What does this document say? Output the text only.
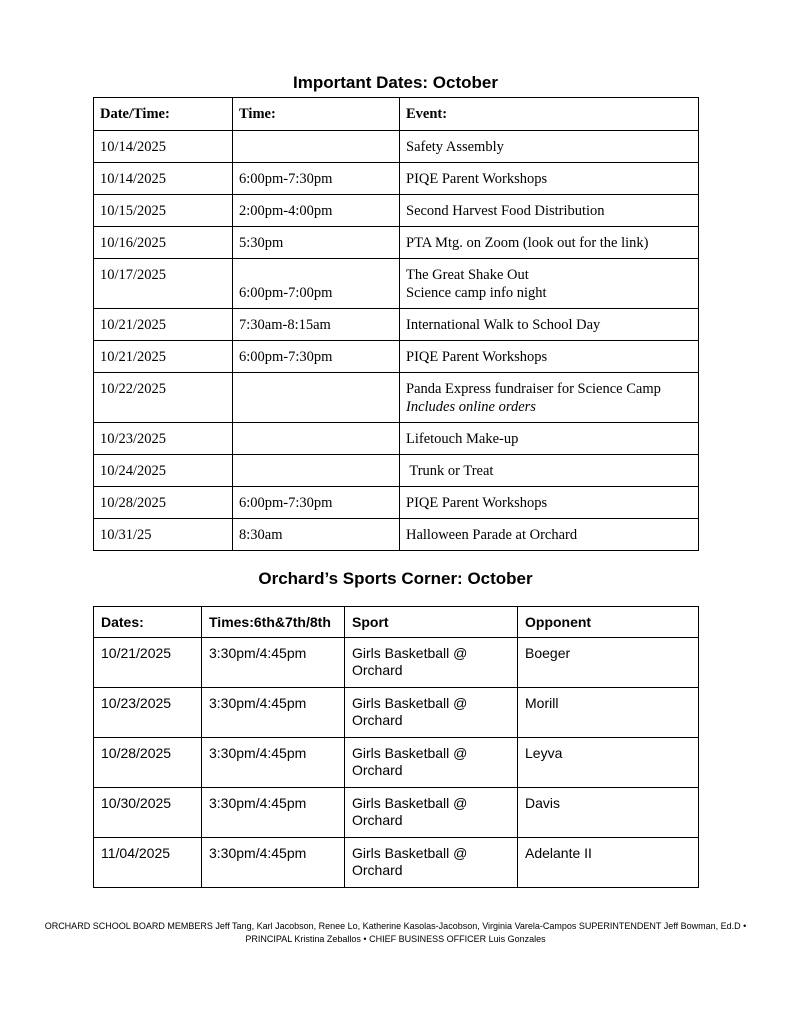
Important Dates: October
Date/Time:	Time:	Event:
10/14/2025		Safety Assembly
10/14/2025	6:00pm-7:30pm	PIQE Parent Workshops
10/15/2025	2:00pm-4:00pm	Second Harvest Food Distribution
10/16/2025	5:30pm	PTA Mtg. on Zoom (look out for the link)
10/17/2025	6:00pm-7:00pm	The Great Shake Out
Science camp info night

10/21/2025	7:30am-8:15am	International Walk to School Day
10/21/2025	6:00pm-7:30pm	PIQE Parent Workshops
10/22/2025		Panda Express fundraiser for Science Camp
Includes online orders

10/23/2025		Lifetouch Make-up
10/24/2025		Trunk or Treat
10/28/2025	6:00pm-7:30pm	PIQE Parent Workshops
10/31/25	8:30am	Halloween Parade at Orchard
Orchard’s Sports Corner: October
Dates:	Times:6th&7th/8th	Sport	Opponent
10/21/2025	3:30pm/4:45pm	Girls Basketball @ Orchard	Boeger
10/23/2025	3:30pm/4:45pm	Girls Basketball @ Orchard	Morill
10/28/2025	3:30pm/4:45pm	Girls Basketball @ Orchard	Leyva
10/30/2025	3:30pm/4:45pm	Girls Basketball @ Orchard	Davis
11/04/2025	3:30pm/4:45pm	Girls Basketball @ Orchard	Adelante II
ORCHARD SCHOOL BOARD MEMBERS Jeff Tang, Karl Jacobson, Renee Lo, Katherine Kasolas-Jacobson, Virginia Varela-Campos SUPERINTENDENT Jeff Bowman, Ed.D •
PRINCIPAL Kristina Zeballos • CHIEF BUSINESS OFFICER Luis Gonzales
